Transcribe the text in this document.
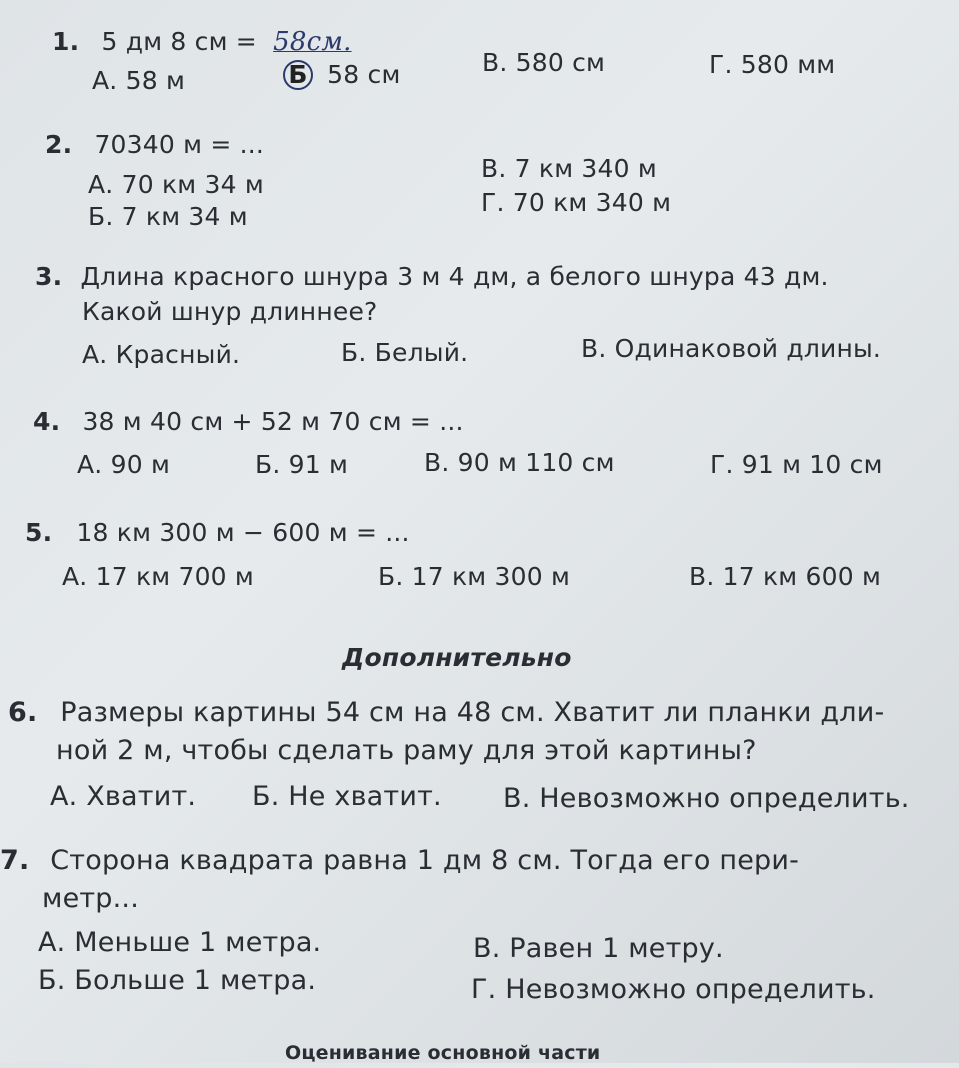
1. 5 дм 8 см = 58см.
А. 58 м	Б 58 см	В. 580 см	Г. 580 мм
2. 70340 м = ...
А. 70 км 34 м
Б. 7 км 34 м
В. 7 км 340 м
Г. 70 км 340 м
3. Длина красного шнура 3 м 4 дм, а белого шнура 43 дм.
Какой шнур длиннее?
А. Красный.	Б. Белый.	В. Одинаковой длины.
4. 38 м 40 см + 52 м 70 см = ...
А. 90 м	Б. 91 м	В. 90 м 110 см	Г. 91 м 10 см
5. 18 км 300 м − 600 м = ...
А. 17 км 700 м	Б. 17 км 300 м	В. 17 км 600 м
Дополнительно
6. Размеры картины 54 см на 48 см. Хватит ли планки дли-
ной 2 м, чтобы сделать раму для этой картины?
А. Хватит. Б. Не хватит. В. Невозможно определить.
7. Сторона квадрата равна 1 дм 8 см. Тогда его пери-
метр...
А. Меньше 1 метра.
Б. Больше 1 метра.
В. Равен 1 метру.
Г. Невозможно определить.
Оценивание основной части
